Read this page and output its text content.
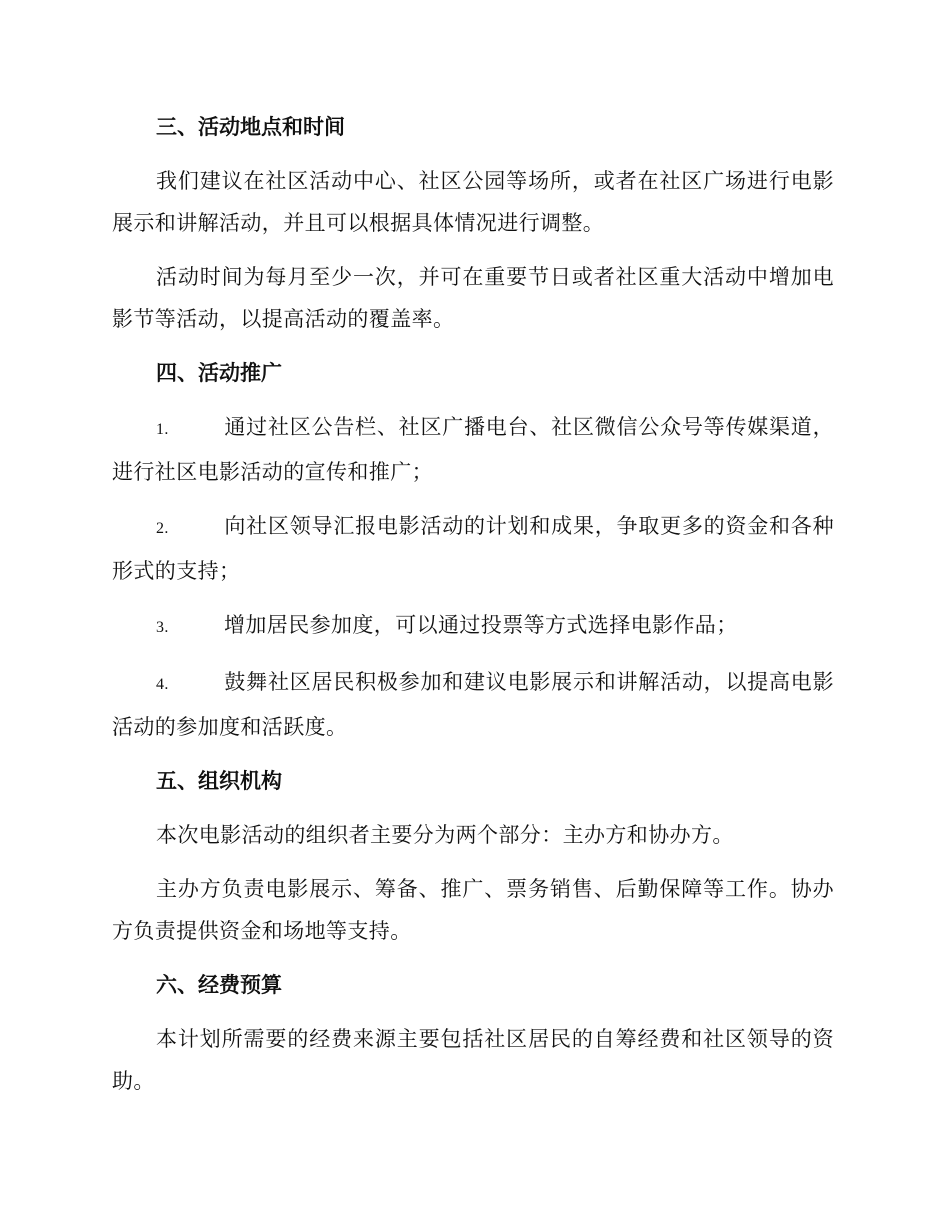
三、活动地点和时间

我们建议在社区活动中心、社区公园等场所，或者在社区广场进行电影展示和讲解活动，并且可以根据具体情况进行调整。

活动时间为每月至少一次，并可在重要节日或者社区重大活动中增加电影节等活动，以提高活动的覆盖率。

四、活动推广

1.	通过社区公告栏、社区广播电台、社区微信公众号等传媒渠道，进行社区电影活动的宣传和推广；

2.	向社区领导汇报电影活动的计划和成果，争取更多的资金和各种形式的支持；

3.	增加居民参加度，可以通过投票等方式选择电影作品；

4.	鼓舞社区居民积极参加和建议电影展示和讲解活动，以提高电影活动的参加度和活跃度。

五、组织机构

本次电影活动的组织者主要分为两个部分：主办方和协办方。

主办方负责电影展示、筹备、推广、票务销售、后勤保障等工作。协办方负责提供资金和场地等支持。

六、经费预算

本计划所需要的经费来源主要包括社区居民的自筹经费和社区领导的资助。
